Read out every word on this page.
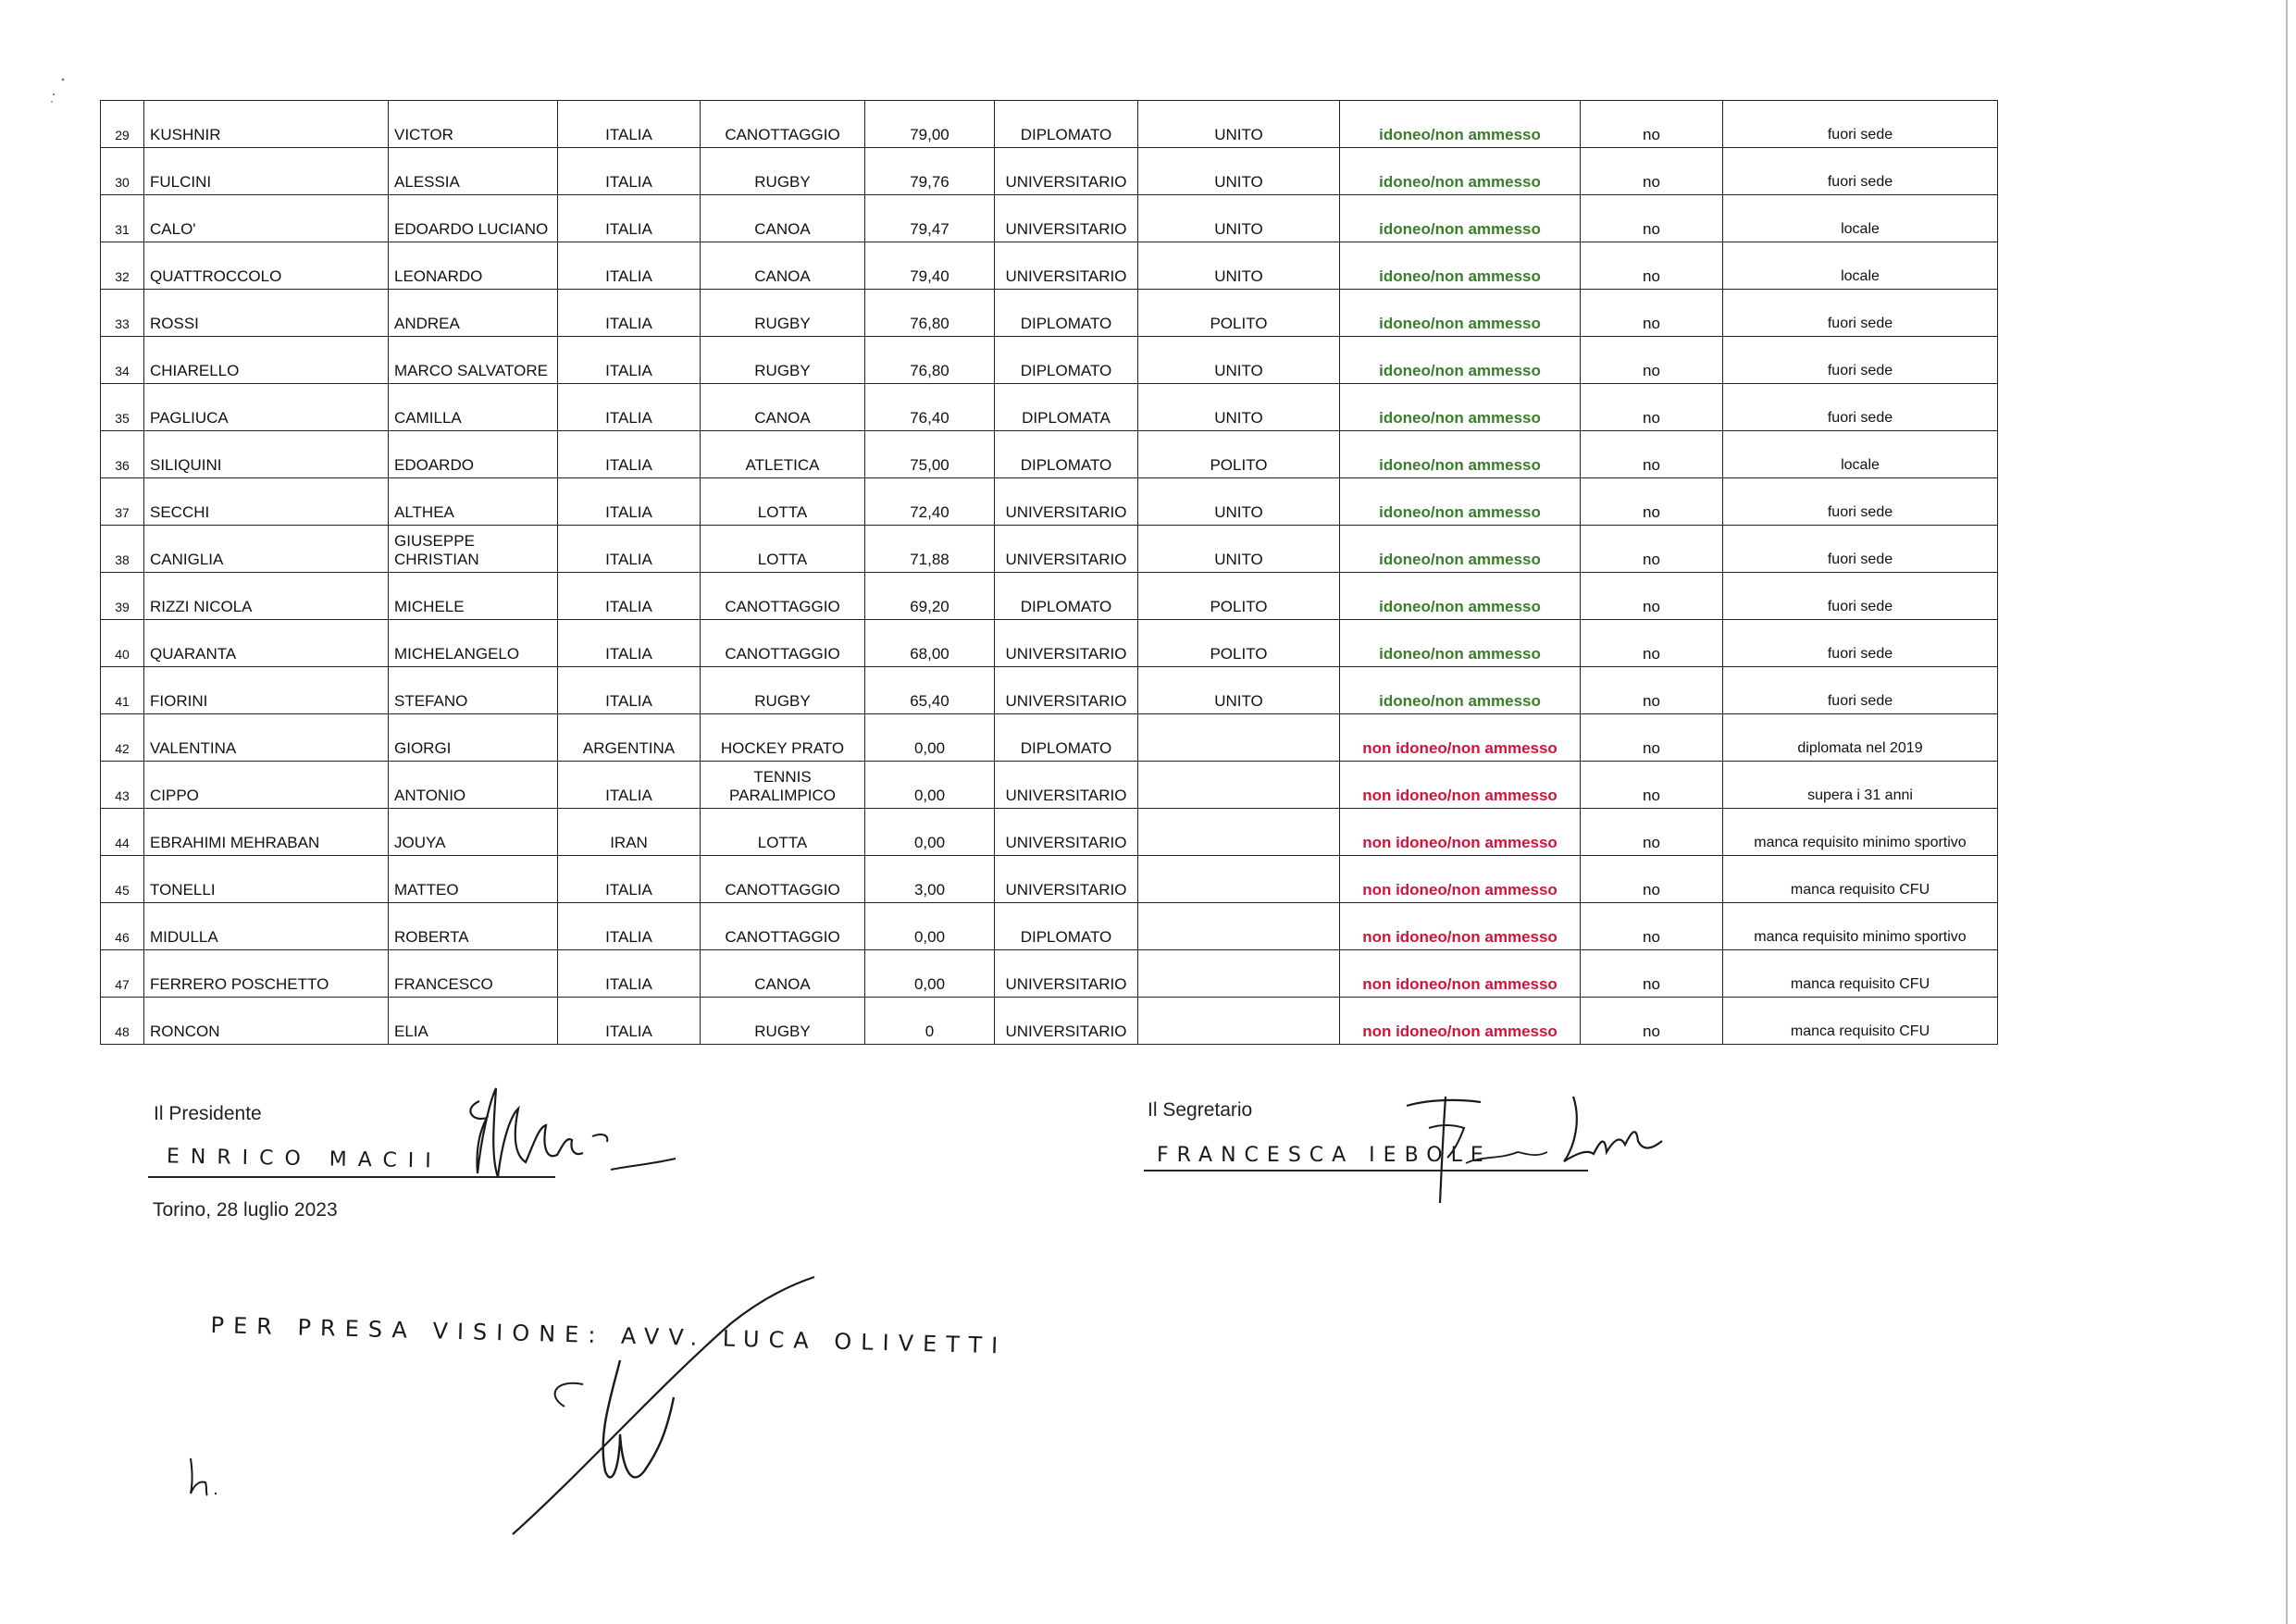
29	KUSHNIR	VICTOR	ITALIA	CANOTTAGGIO	79,00	DIPLOMATO	UNITO	idoneo/non ammesso	no	fuori sede
30	FULCINI	ALESSIA	ITALIA	RUGBY	79,76	UNIVERSITARIO	UNITO	idoneo/non ammesso	no	fuori sede
31	CALO'	EDOARDO LUCIANO	ITALIA	CANOA	79,47	UNIVERSITARIO	UNITO	idoneo/non ammesso	no	locale
32	QUATTROCCOLO	LEONARDO	ITALIA	CANOA	79,40	UNIVERSITARIO	UNITO	idoneo/non ammesso	no	locale
33	ROSSI	ANDREA	ITALIA	RUGBY	76,80	DIPLOMATO	POLITO	idoneo/non ammesso	no	fuori sede
34	CHIARELLO	MARCO SALVATORE	ITALIA	RUGBY	76,80	DIPLOMATO	UNITO	idoneo/non ammesso	no	fuori sede
35	PAGLIUCA	CAMILLA	ITALIA	CANOA	76,40	DIPLOMATA	UNITO	idoneo/non ammesso	no	fuori sede
36	SILIQUINI	EDOARDO	ITALIA	ATLETICA	75,00	DIPLOMATO	POLITO	idoneo/non ammesso	no	locale
37	SECCHI	ALTHEA	ITALIA	LOTTA	72,40	UNIVERSITARIO	UNITO	idoneo/non ammesso	no	fuori sede
38	CANIGLIA	GIUSEPPE CHRISTIAN	ITALIA	LOTTA	71,88	UNIVERSITARIO	UNITO	idoneo/non ammesso	no	fuori sede
39	RIZZI NICOLA	MICHELE	ITALIA	CANOTTAGGIO	69,20	DIPLOMATO	POLITO	idoneo/non ammesso	no	fuori sede
40	QUARANTA	MICHELANGELO	ITALIA	CANOTTAGGIO	68,00	UNIVERSITARIO	POLITO	idoneo/non ammesso	no	fuori sede
41	FIORINI	STEFANO	ITALIA	RUGBY	65,40	UNIVERSITARIO	UNITO	idoneo/non ammesso	no	fuori sede
42	VALENTINA	GIORGI	ARGENTINA	HOCKEY PRATO	0,00	DIPLOMATO		non idoneo/non ammesso	no	diplomata nel 2019
43	CIPPO	ANTONIO	ITALIA	TENNIS PARALIMPICO	0,00	UNIVERSITARIO		non idoneo/non ammesso	no	supera i 31 anni
44	EBRAHIMI MEHRABAN	JOUYA	IRAN	LOTTA	0,00	UNIVERSITARIO		non idoneo/non ammesso	no	manca requisito minimo sportivo
45	TONELLI	MATTEO	ITALIA	CANOTTAGGIO	3,00	UNIVERSITARIO		non idoneo/non ammesso	no	manca requisito CFU
46	MIDULLA	ROBERTA	ITALIA	CANOTTAGGIO	0,00	DIPLOMATO		non idoneo/non ammesso	no	manca requisito minimo sportivo
47	FERRERO POSCHETTO	FRANCESCO	ITALIA	CANOA	0,00	UNIVERSITARIO		non idoneo/non ammesso	no	manca requisito CFU
48	RONCON	ELIA	ITALIA	RUGBY	0	UNIVERSITARIO		non idoneo/non ammesso	no	manca requisito CFU
Il Presidente
ENRICO MACII
Torino, 28 luglio 2023
Il Segretario
FRANCESCA IEBOLE
PER PRESA VISIONE: AVV. LUCA OLIVETTI
